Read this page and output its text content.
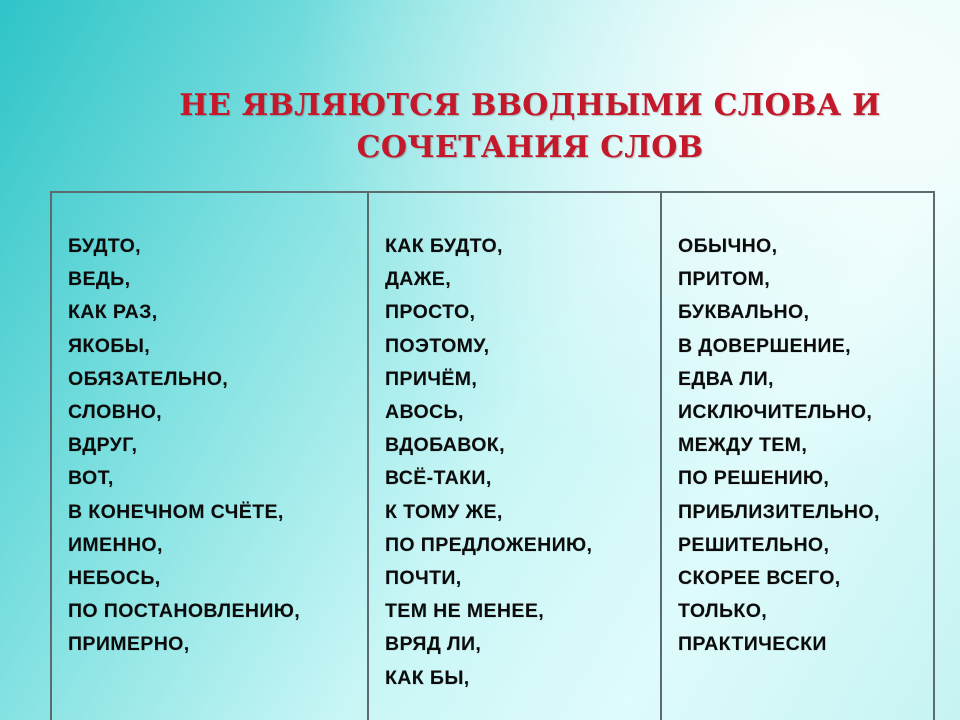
НЕ ЯВЛЯЮТСЯ ВВОДНЫМИ СЛОВА И
СОЧЕТАНИЯ СЛОВ
БУДТО,
ВЕДЬ,
КАК РАЗ,
ЯКОБЫ,
ОБЯЗАТЕЛЬНО,
СЛОВНО,
ВДРУГ,
ВОТ,
В КОНЕЧНОМ СЧЁТЕ,
ИМЕННО,
НЕБОСЬ,
ПО ПОСТАНОВЛЕНИЮ,
ПРИМЕРНО,
КАК БУДТО,
ДАЖЕ,
ПРОСТО,
ПОЭТОМУ,
ПРИЧЁМ,
АВОСЬ,
ВДОБАВОК,
ВСЁ-ТАКИ,
К ТОМУ ЖЕ,
ПО ПРЕДЛОЖЕНИЮ,
ПОЧТИ,
ТЕМ НЕ МЕНЕЕ,
ВРЯД ЛИ,
КАК БЫ,
ОБЫЧНО,
ПРИТОМ,
БУКВАЛЬНО,
В ДОВЕРШЕНИЕ,
ЕДВА ЛИ,
ИСКЛЮЧИТЕЛЬНО,
МЕЖДУ ТЕМ,
ПО РЕШЕНИЮ,
ПРИБЛИЗИТЕЛЬНО,
РЕШИТЕЛЬНО,
СКОРЕЕ ВСЕГО,
ТОЛЬКО,
ПРАКТИЧЕСКИ
